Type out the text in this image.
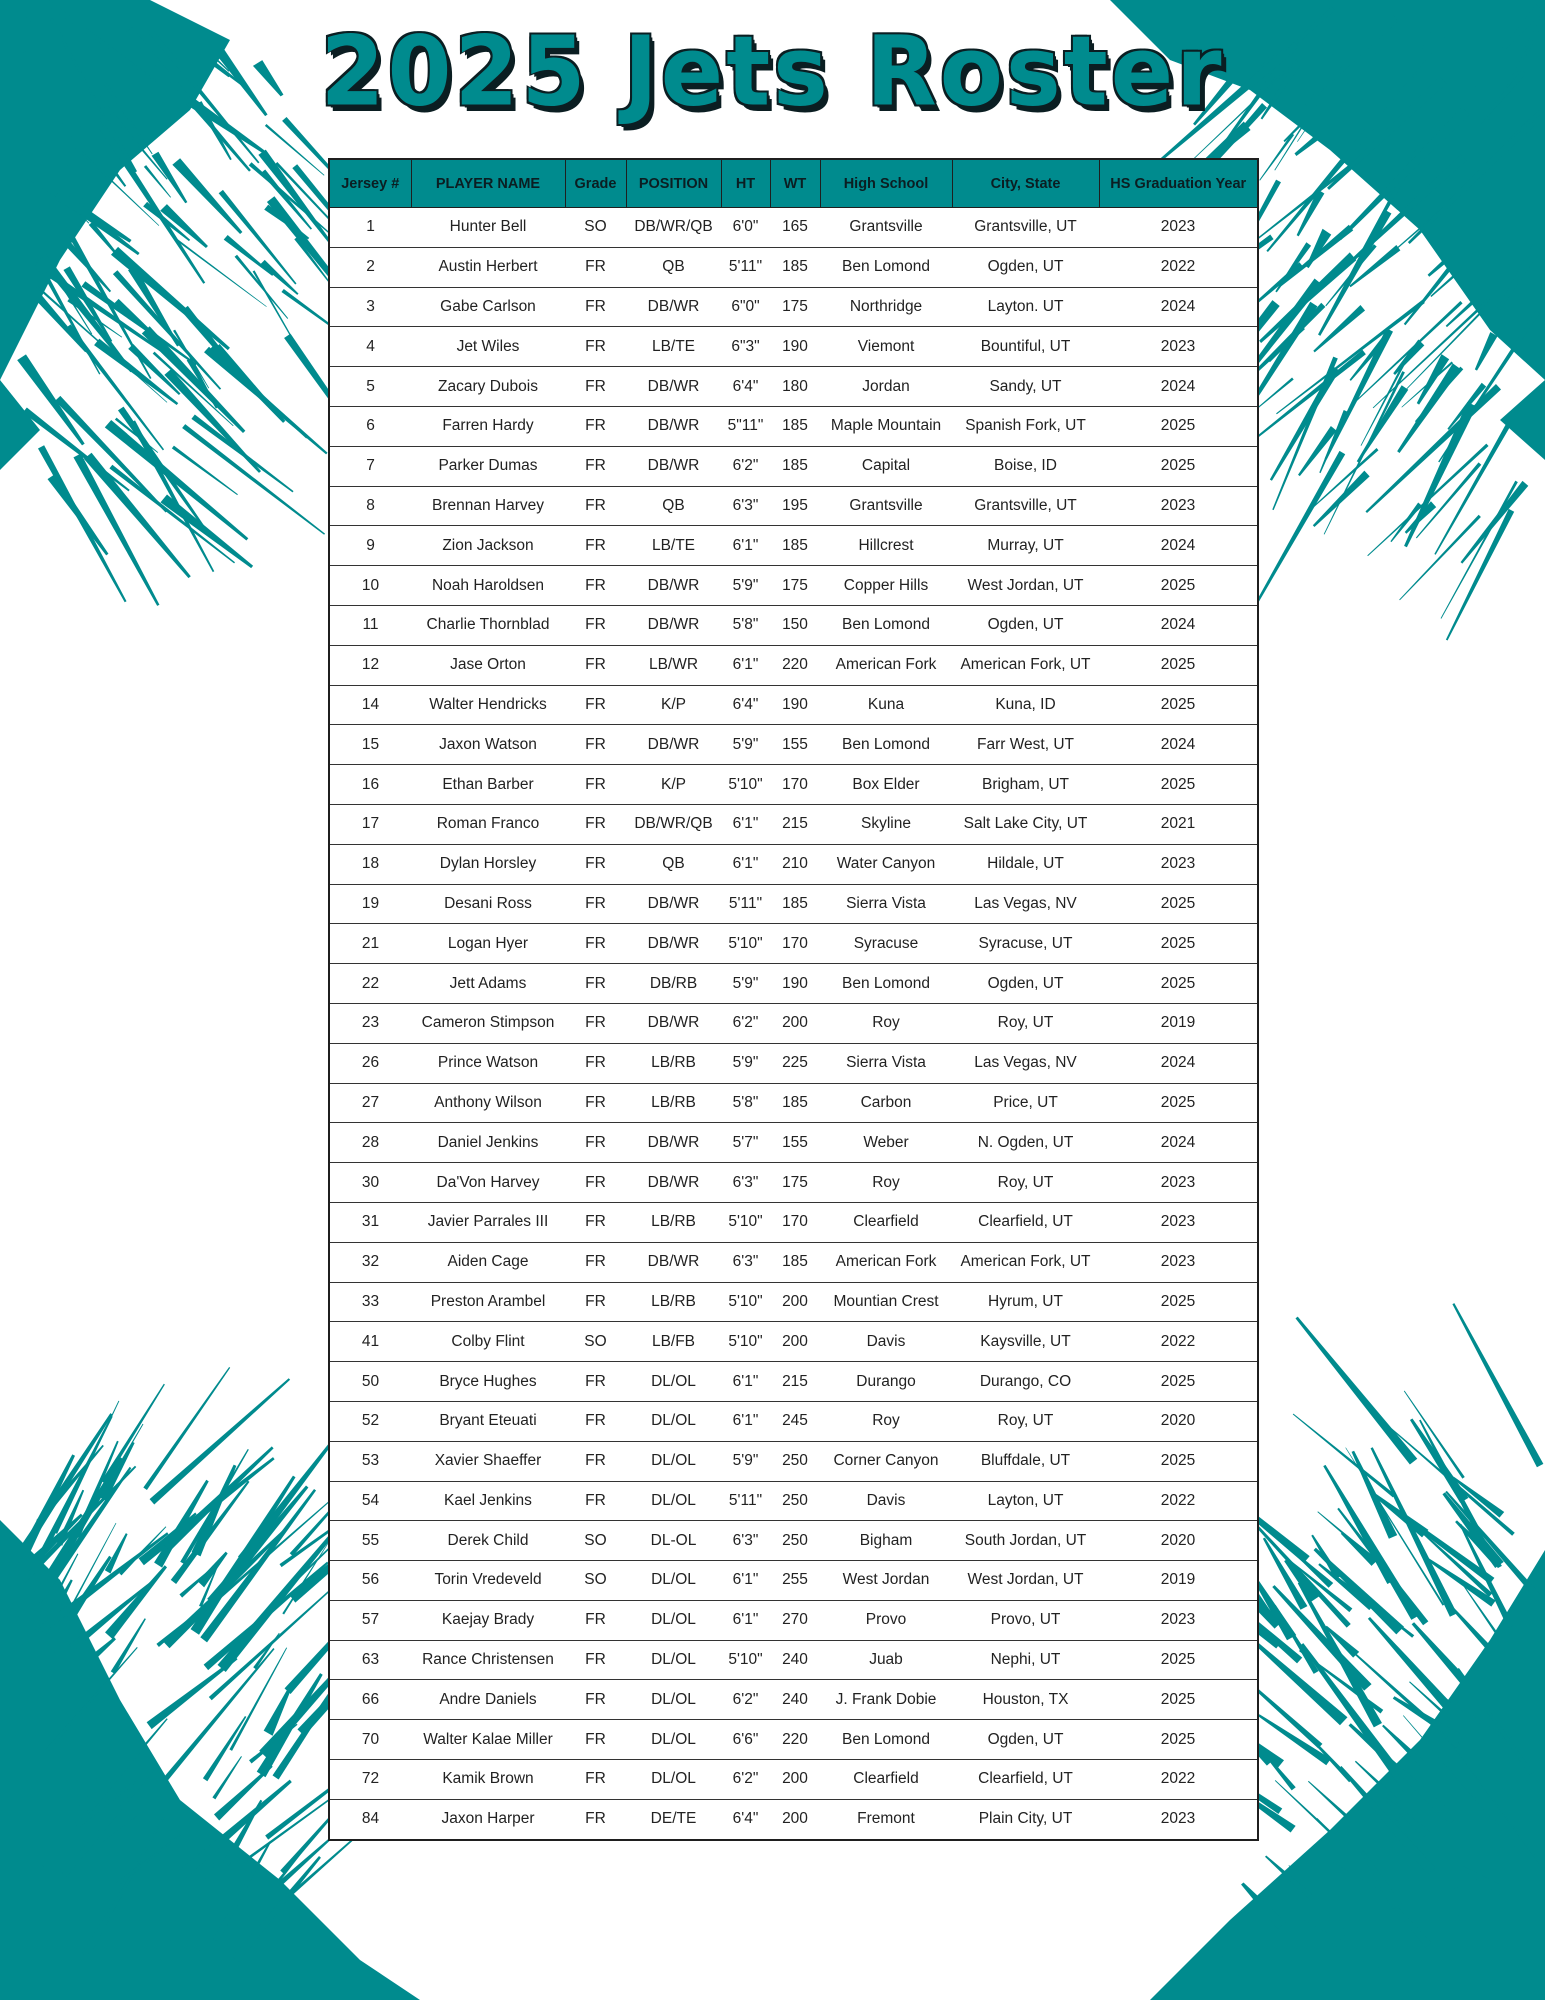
2025 Jets Roster
Jersey #	PLAYER NAME	Grade	POSITION	HT	WT	High School	City, State	HS Graduation Year
1	Hunter Bell	SO	DB/WR/QB	6'0"	165	Grantsville	Grantsville, UT	2023
2	Austin Herbert	FR	QB	5'11"	185	Ben Lomond	Ogden, UT	2022
3	Gabe Carlson	FR	DB/WR	6"0"	175	Northridge	Layton. UT	2024
4	Jet Wiles	FR	LB/TE	6"3"	190	Viemont	Bountiful, UT	2023
5	Zacary Dubois	FR	DB/WR	6'4"	180	Jordan	Sandy, UT	2024
6	Farren Hardy	FR	DB/WR	5"11"	185	Maple Mountain	Spanish Fork, UT	2025
7	Parker Dumas	FR	DB/WR	6'2"	185	Capital	Boise, ID	2025
8	Brennan Harvey	FR	QB	6'3"	195	Grantsville	Grantsville, UT	2023
9	Zion Jackson	FR	LB/TE	6'1"	185	Hillcrest	Murray, UT	2024
10	Noah Haroldsen	FR	DB/WR	5'9"	175	Copper Hills	West Jordan, UT	2025
11	Charlie Thornblad	FR	DB/WR	5'8"	150	Ben Lomond	Ogden, UT	2024
12	Jase Orton	FR	LB/WR	6'1"	220	American Fork	American Fork, UT	2025
14	Walter Hendricks	FR	K/P	6'4"	190	Kuna	Kuna, ID	2025
15	Jaxon Watson	FR	DB/WR	5'9"	155	Ben Lomond	Farr West, UT	2024
16	Ethan Barber	FR	K/P	5'10"	170	Box Elder	Brigham, UT	2025
17	Roman Franco	FR	DB/WR/QB	6'1"	215	Skyline	Salt Lake City, UT	2021
18	Dylan Horsley	FR	QB	6'1"	210	Water Canyon	Hildale, UT	2023
19	Desani Ross	FR	DB/WR	5'11"	185	Sierra Vista	Las Vegas, NV	2025
21	Logan Hyer	FR	DB/WR	5'10"	170	Syracuse	Syracuse, UT	2025
22	Jett Adams	FR	DB/RB	5'9"	190	Ben Lomond	Ogden, UT	2025
23	Cameron Stimpson	FR	DB/WR	6'2"	200	Roy	Roy, UT	2019
26	Prince Watson	FR	LB/RB	5'9"	225	Sierra Vista	Las Vegas, NV	2024
27	Anthony Wilson	FR	LB/RB	5'8"	185	Carbon	Price, UT	2025
28	Daniel Jenkins	FR	DB/WR	5'7"	155	Weber	N. Ogden, UT	2024
30	Da'Von Harvey	FR	DB/WR	6'3"	175	Roy	Roy, UT	2023
31	Javier Parrales III	FR	LB/RB	5'10"	170	Clearfield	Clearfield, UT	2023
32	Aiden Cage	FR	DB/WR	6'3"	185	American Fork	American Fork, UT	2023
33	Preston Arambel	FR	LB/RB	5'10"	200	Mountian Crest	Hyrum, UT	2025
41	Colby Flint	SO	LB/FB	5'10"	200	Davis	Kaysville, UT	2022
50	Bryce Hughes	FR	DL/OL	6'1"	215	Durango	Durango, CO	2025
52	Bryant Eteuati	FR	DL/OL	6'1"	245	Roy	Roy, UT	2020
53	Xavier Shaeffer	FR	DL/OL	5'9"	250	Corner Canyon	Bluffdale, UT	2025
54	Kael Jenkins	FR	DL/OL	5'11"	250	Davis	Layton, UT	2022
55	Derek Child	SO	DL-OL	6'3"	250	Bigham	South Jordan, UT	2020
56	Torin Vredeveld	SO	DL/OL	6'1"	255	West Jordan	West Jordan, UT	2019
57	Kaejay Brady	FR	DL/OL	6'1"	270	Provo	Provo, UT	2023
63	Rance Christensen	FR	DL/OL	5'10"	240	Juab	Nephi, UT	2025
66	Andre Daniels	FR	DL/OL	6'2"	240	J. Frank Dobie	Houston, TX	2025
70	Walter Kalae Miller	FR	DL/OL	6'6"	220	Ben Lomond	Ogden, UT	2025
72	Kamik Brown	FR	DL/OL	6'2"	200	Clearfield	Clearfield, UT	2022
84	Jaxon Harper	FR	DE/TE	6'4"	200	Fremont	Plain City, UT	2023
